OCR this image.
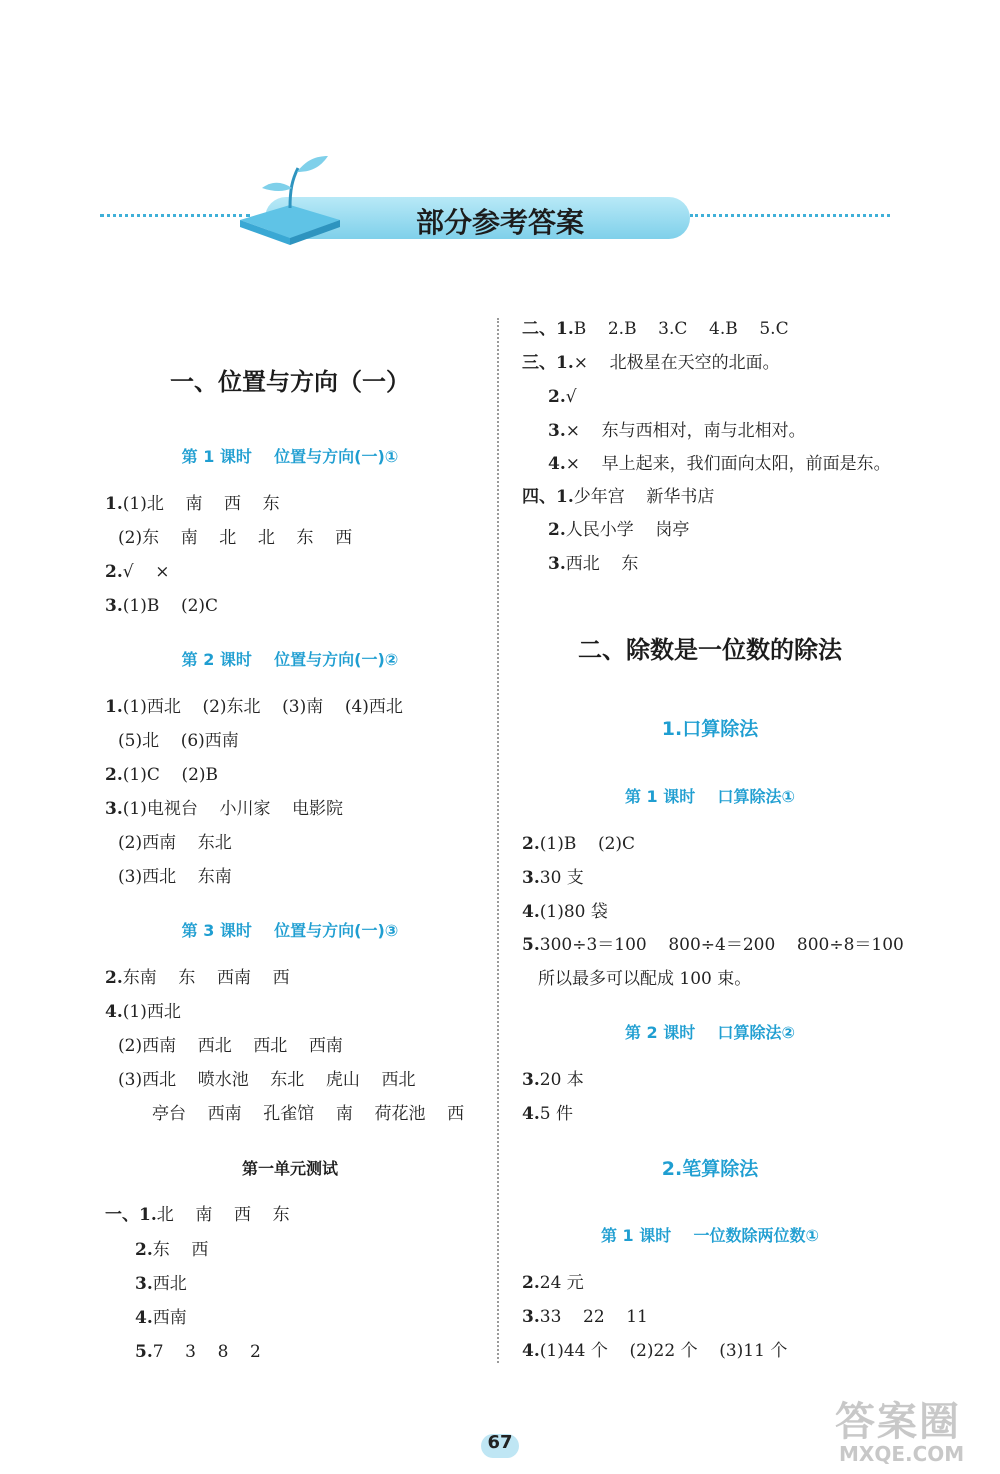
部分参考答案
一、位置与方向（一）
第 1 课时    位置与方向(一)①
1.(1)北    南    西    东
(2)东    南    北    北    东    西
2.√    ×
3.(1)B    (2)C
第 2 课时    位置与方向(一)②
1.(1)西北    (2)东北    (3)南    (4)西北
(5)北    (6)西南
2.(1)C    (2)B
3.(1)电视台    小川家    电影院
(2)西南    东北
(3)西北    东南
第 3 课时    位置与方向(一)③
2.东南    东    西南    西
4.(1)西北
(2)西南    西北    西北    西南
(3)西北    喷水池    东北    虎山    西北
亭台    西南    孔雀馆    南    荷花池    西
第一单元测试
一、1.北    南    西    东
2.东    西
3.西北
4.西南
5.7    3    8    2
二、1.B    2.B    3.C    4.B    5.C
三、1.×    北极星在天空的北面。
2.√
3.×    东与西相对，南与北相对。
4.×    早上起来，我们面向太阳，前面是东。
四、1.少年宫    新华书店
2.人民小学    岗亭
3.西北    东
二、除数是一位数的除法
1.口算除法
第 1 课时    口算除法①
2.(1)B    (2)C
3.30 支
4.(1)80 袋
5.300÷3＝100    800÷4＝200    800÷8＝100
所以最多可以配成 100 束。
第 2 课时    口算除法②
3.20 本
4.5 件
2.笔算除法
第 1 课时    一位数除两位数①
2.24 元
3.33    22    11
4.(1)44 个    (2)22 个    (3)11 个
67	答案圈
MXQE.COM
